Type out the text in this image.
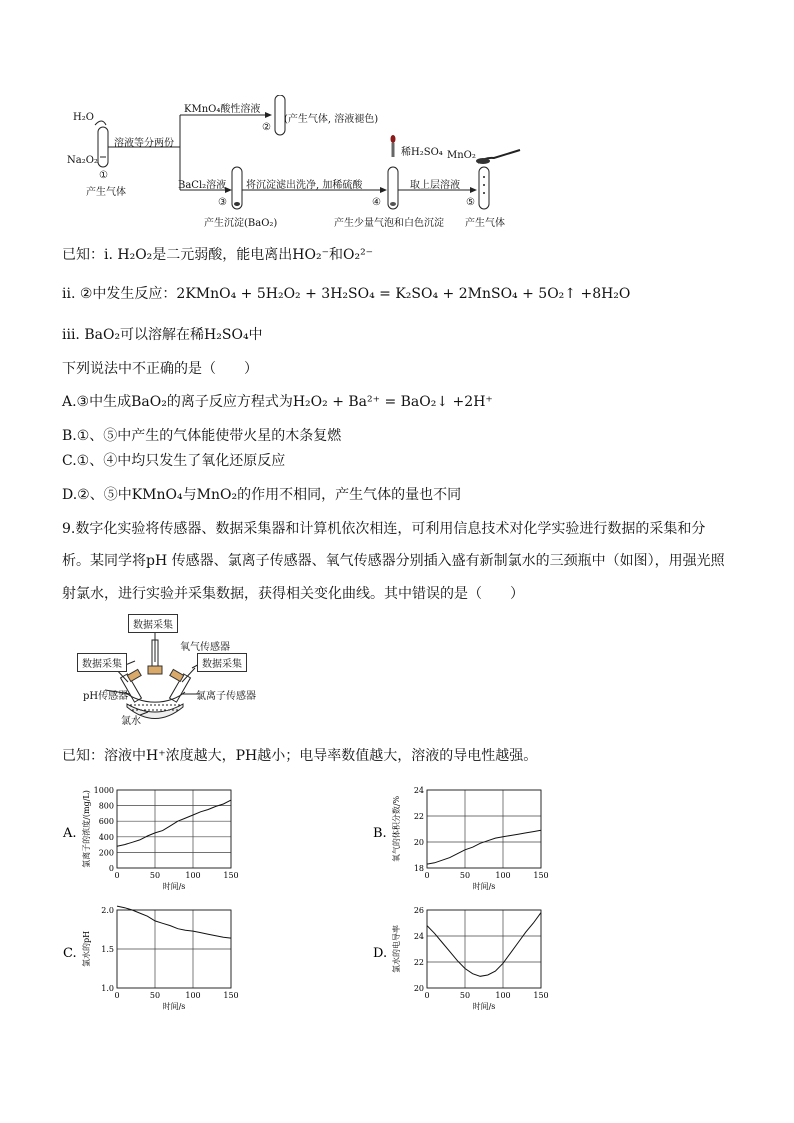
H₂O
Na₂O₂
①
产生气体
溶液等分两份
KMnO₄酸性溶液
②
(产生气体, 溶液褪色)
BaCl₂溶液
③
产生沉淀(BaO₂)
将沉淀滤出洗净, 加稀硫酸
稀H₂SO₄
④
产生少量气泡和白色沉淀
取上层溶液
MnO₂
⑤
产生气体
已知：i. H₂O₂是二元弱酸，能电离出HO₂⁻和O₂²⁻
ii. ②中发生反应：2KMnO₄ + 5H₂O₂ + 3H₂SO₄ = K₂SO₄ + 2MnSO₄ + 5O₂↑ +8H₂O
iii. BaO₂可以溶解在稀H₂SO₄中
下列说法中不正确的是（　　）
A.③中生成BaO₂的离子反应方程式为H₂O₂ + Ba²⁺ = BaO₂↓ +2H⁺
B.①、⑤中产生的气体能使带火星的木条复燃
C.①、④中均只发生了氧化还原反应
D.②、⑤中KMnO₄与MnO₂的作用不相同，产生气体的量也不同
9.数字化实验将传感器、数据采集器和计算机依次相连，可利用信息技术对化学实验进行数据的采集和分
析。某同学将pH 传感器、氯离子传感器、氧气传感器分别插入盛有新制氯水的三颈瓶中（如图），用强光照
射氯水，进行实验并采集数据，获得相关变化曲线。其中错误的是（　　）
数据采集
数据采集	数据采集
氧气传感器
pH传感器	氯离子传感器
氯水
已知：溶液中H⁺浓度越大，PH越小；电导率数值越大，溶液的导电性越强。
A.
0	50	100	150
0
200
400
600
800
1000
时间/s
氯离子的浓度/(mg/L)	B.
0	50	100	150
18
20
22
24
时间/s
氧气的体积分数/%
C.
0	50	100	150
1.0
1.5
2.0
时间/s
氯水的pH	D.
0	50	100	150
20
22
24
26
时间/s
氯水的电导率
